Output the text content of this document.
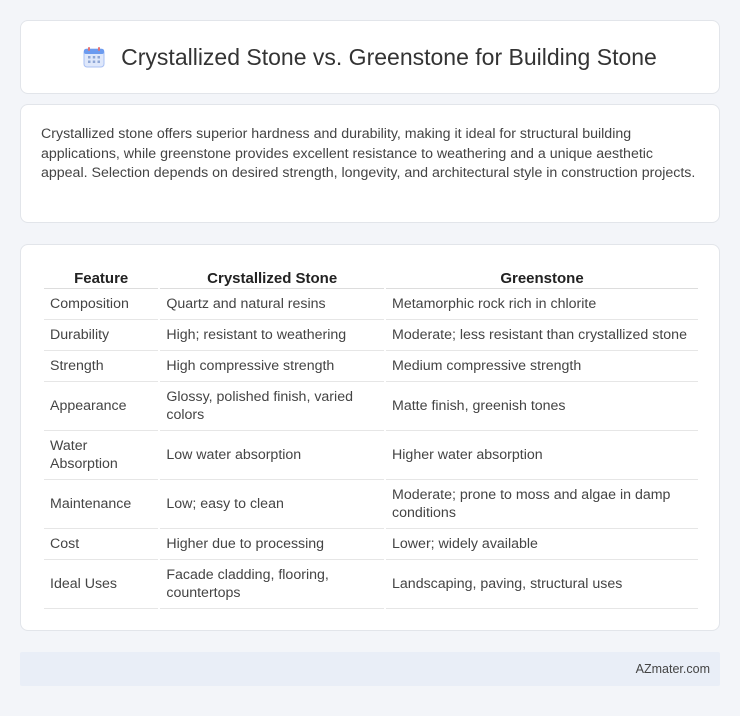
Crystallized Stone vs. Greenstone for Building Stone

Crystallized stone offers superior hardness and durability, making it ideal for structural building applications, while greenstone provides excellent resistance to weathering and a unique aesthetic appeal. Selection depends on desired strength, longevity, and architectural style in construction projects.

Feature	Crystallized Stone	Greenstone
Composition	Quartz and natural resins	Metamorphic rock rich in chlorite
Durability	High; resistant to weathering	Moderate; less resistant than crystallized stone
Strength	High compressive strength	Medium compressive strength
Appearance	Glossy, polished finish, varied colors	Matte finish, greenish tones
Water Absorption	Low water absorption	Higher water absorption
Maintenance	Low; easy to clean	Moderate; prone to moss and algae in damp conditions
Cost	Higher due to processing	Lower; widely available
Ideal Uses	Facade cladding, flooring, countertops	Landscaping, paving, structural uses
AZmater.com
